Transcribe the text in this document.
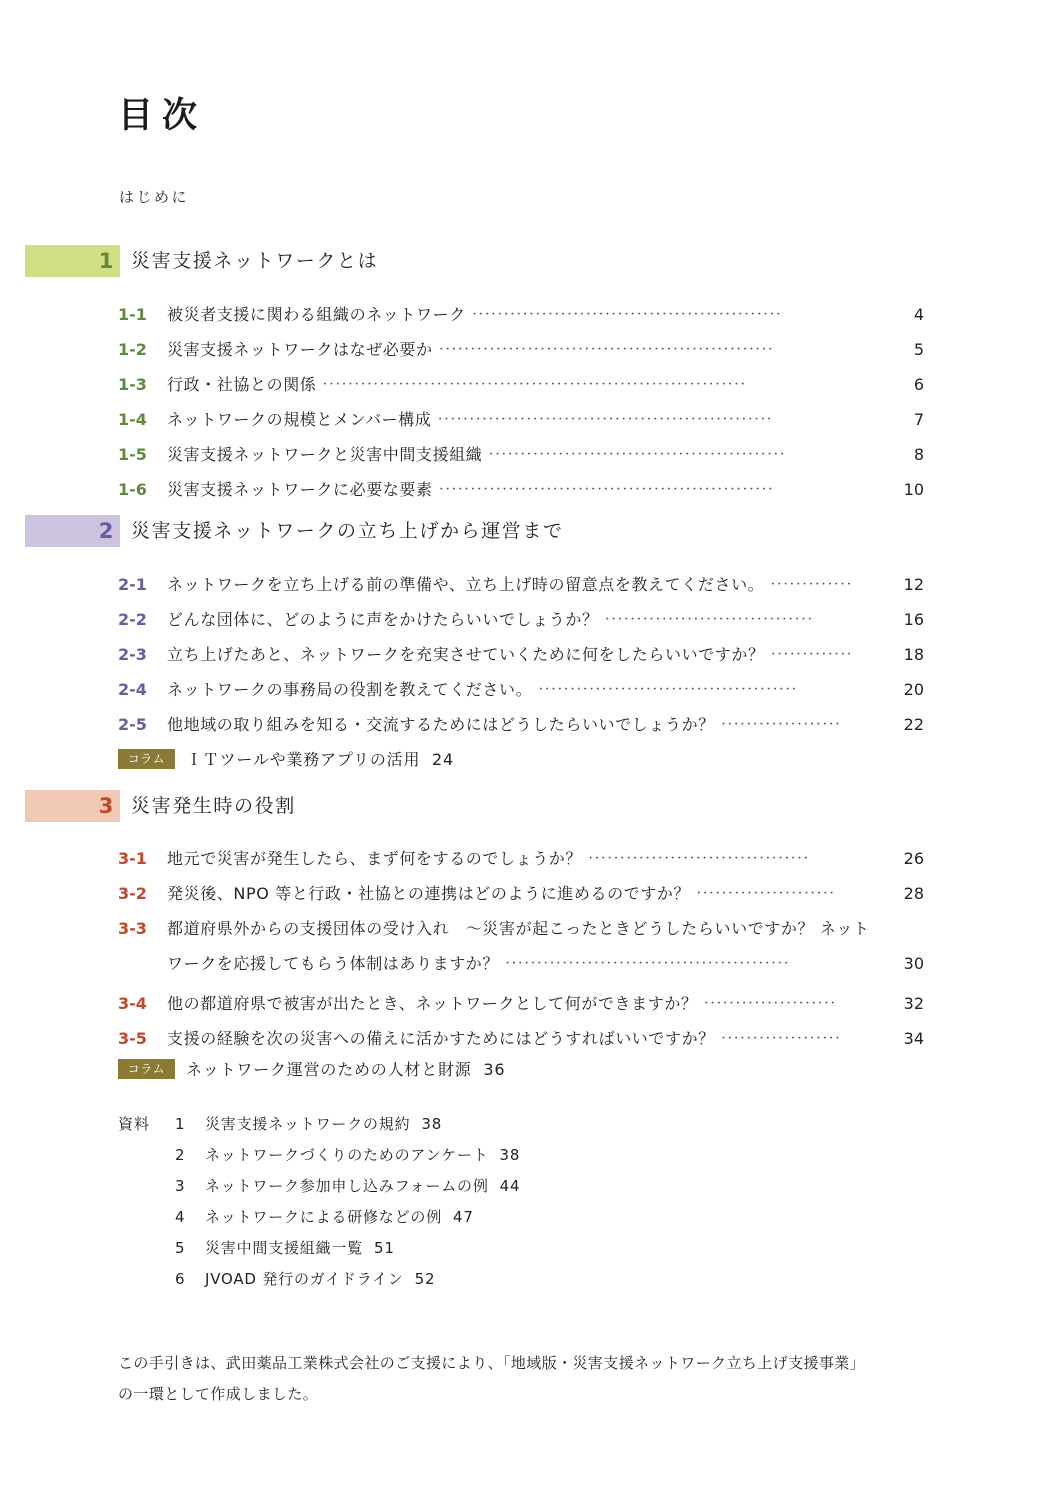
目次
はじめに
1 災害支援ネットワークとは
1-1	被災者支援に関わる組織のネットワーク ·················································	4
1-2	災害支援ネットワークはなぜ必要か ·····················································	5
1-3	行政・社協との関係 ···································································	6
1-4	ネットワークの規模とメンバー構成 ·····················································	7
1-5	災害支援ネットワークと災害中間支援組織 ···············································	8
1-6	災害支援ネットワークに必要な要素 ·····················································	10
2 災害支援ネットワークの立ち上げから運営まで
2-1	ネットワークを立ち上げる前の準備や、立ち上げ時の留意点を教えてください。 ·············	12
2-2	どんな団体に、どのように声をかけたらいいでしょうか？ ·································	16
2-3	立ち上げたあと、ネットワークを充実させていくために何をしたらいいですか？ ·············	18
2-4	ネットワークの事務局の役割を教えてください。 ·········································	20
2-5	他地域の取り組みを知る・交流するためにはどうしたらいいでしょうか？ ···················	22
コラム	ＩＴツールや業務アプリの活用 24
3 災害発生時の役割
3-1	地元で災害が発生したら、まず何をするのでしょうか？ ···································	26
3-2	発災後、NPO 等と行政・社協との連携はどのように進めるのですか？ ······················	28
3-3	都道府県外からの支援団体の受け入れ　〜災害が起こったときどうしたらいいですか？ ネット
ワークを応援してもらう体制はありますか？ ·············································	30
3-4	他の都道府県で被害が出たとき、ネットワークとして何ができますか？ ·····················	32
3-5	支援の経験を次の災害への備えに活かすためにはどうすればいいですか？ ···················	34
コラム	ネットワーク運営のための人材と財源 36
資料 1 災害支援ネットワークの規約 38
2 ネットワークづくりのためのアンケート 38
3 ネットワーク参加申し込みフォームの例 44
4 ネットワークによる研修などの例 47
5 災害中間支援組織一覧 51
6 JVOAD 発行のガイドライン 52
この手引きは、武田薬品工業株式会社のご支援により、「地域版・災害支援ネットワーク立ち上げ支援事業」
の一環として作成しました。
